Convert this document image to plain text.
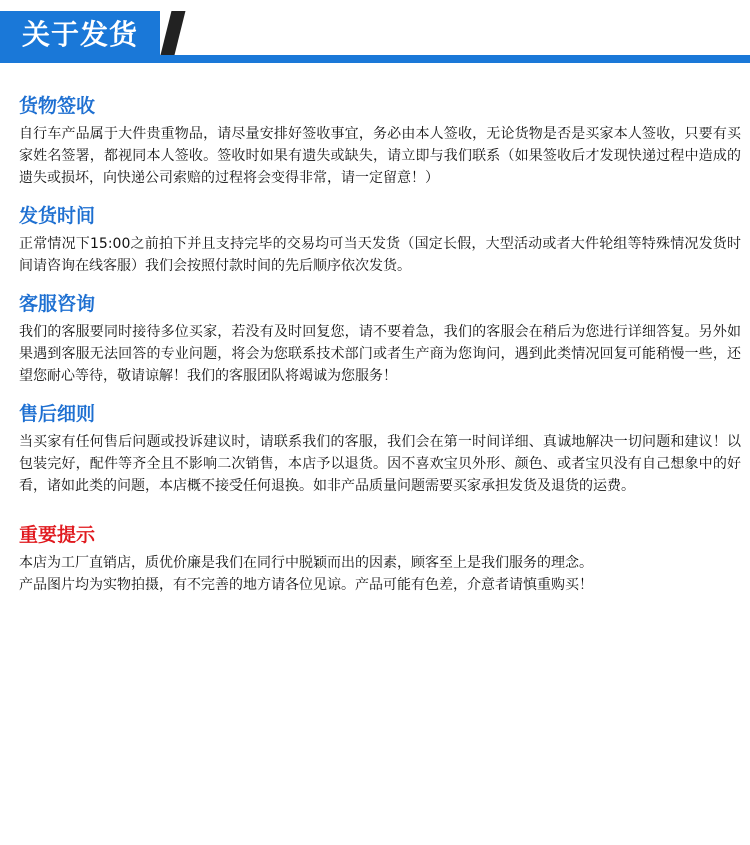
关于发货
货物签收

自行车产品属于大件贵重物品，请尽量安排好签收事宜，务必由本人签收，无论货物是否是买家本人签收，只要有买家姓名签署，都视同本人签收。签收时如果有遗失或缺失，请立即与我们联系（如果签收后才发现快递过程中造成的遗失或损坏，向快递公司索赔的过程将会变得非常，请一定留意！）

发货时间

正常情况下15:00之前拍下并且支持完毕的交易均可当天发货（国定长假，大型活动或者大件轮组等特殊情况发货时间请咨询在线客服）我们会按照付款时间的先后顺序依次发货。

客服咨询

我们的客服要同时接待多位买家，若没有及时回复您，请不要着急，我们的客服会在稍后为您进行详细答复。另外如果遇到客服无法回答的专业问题，将会为您联系技术部门或者生产商为您询问，遇到此类情况回复可能稍慢一些，还望您耐心等待，敬请谅解！我们的客服团队将竭诚为您服务！

售后细则

当买家有任何售后问题或投诉建议时，请联系我们的客服，我们会在第一时间详细、真诚地解决一切问题和建议！以包装完好，配件等齐全且不影响二次销售，本店予以退货。因不喜欢宝贝外形、颜色、或者宝贝没有自己想象中的好看，诸如此类的问题，本店概不接受任何退换。如非产品质量问题需要买家承担发货及退货的运费。

重要提示

本店为工厂直销店，质优价廉是我们在同行中脱颖而出的因素，顾客至上是我们服务的理念。

产品图片均为实物拍摄，有不完善的地方请各位见谅。产品可能有色差，介意者请慎重购买！
